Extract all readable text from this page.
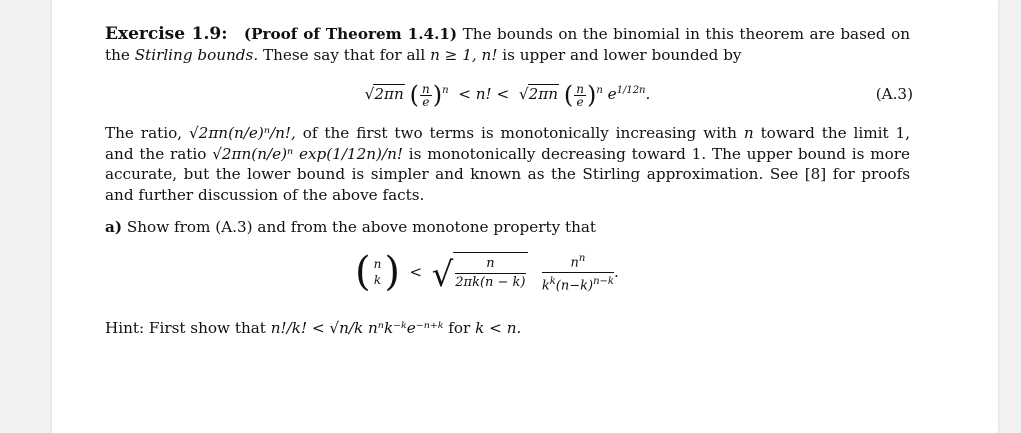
Exercise 1.9: (Proof of Theorem 1.4.1) The bounds on the binomial in this theorem are based on the Stirling bounds. These say that for all n ≥ 1, n! is upper and lower bounded by

√2πn ( $\frac{n}{e} )^n < n$! <  √2πn ( $\frac{n}{e} )^n$ $e^{1/12n}$.	(A.3)

The ratio, √2πn(n/e)ⁿ/n!, of the first two terms is monotonically increasing with n toward the limit 1, and the ratio √2πn(n/e)ⁿ exp(1/12n)/n! is monotonically decreasing toward 1. The upper bound is more accurate, but the lower bound is simpler and known as the Stirling approximation. See [8] for proofs and further discussion of the above facts.

a) Show from (A.3) and from the above monotone property that

( n
k ) < √ $\frac{n}{2\pi k(n - k)}$
$\frac{n^n}{k^k(n-k)^{n-k}}$ .

Hint: First show that n!/k! < √n/k nⁿk⁻ᵏe⁻ⁿ⁺ᵏ for k < n.
